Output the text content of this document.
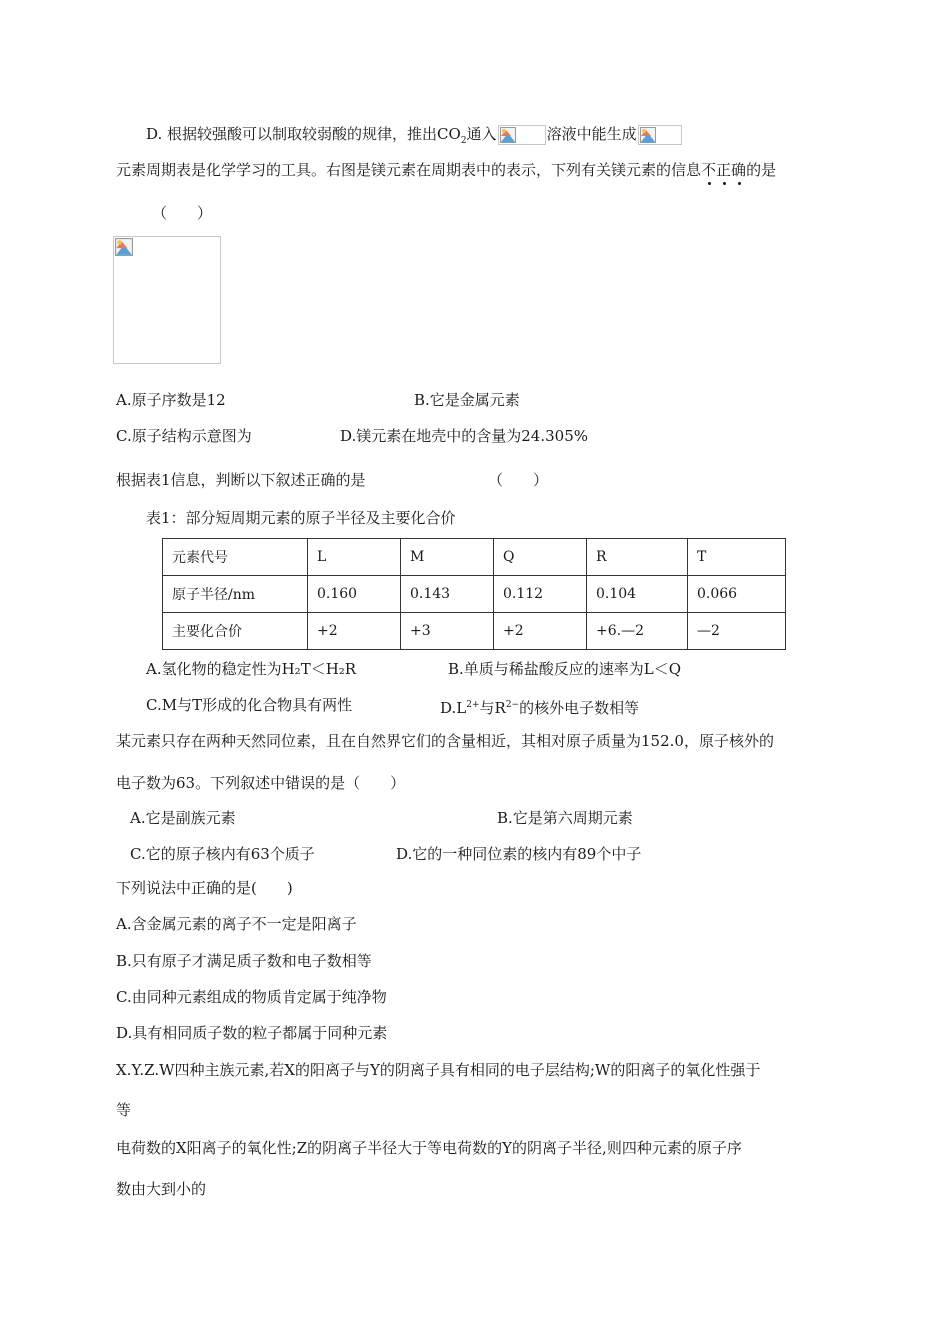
D. 根据较强酸可以制取较弱酸的规律，推出$CO_2$通入	溶液中能生成
元素周期表是化学学习的工具。右图是镁元素在周期表中的表示，下列有关镁元素的信息不正确的是
（　　）
A.原子序数是12	B.它是金属元素
C.原子结构示意图为	D.镁元素在地壳中的含量为24.305%
根据表1信息，判断以下叙述正确的是	（　　）
表1：部分短周期元素的原子半径及主要化合价
元素代号	L	M	Q	R	T
原子半径/nm	0.160	0.143	0.112	0.104	0.066
主要化合价	+2	+3	+2	+6.—2	—2
A.氢化物的稳定性为H₂T＜H₂R	B.单质与稀盐酸反应的速率为L＜Q
C.M与T形成的化合物具有两性	$D.L^{2+}$与$R^{2-}$的核外电子数相等
某元素只存在两种天然同位素，且在自然界它们的含量相近，其相对原子质量为152.0，原子核外的
电子数为63。下列叙述中错误的是（　　）
A.它是副族元素	B.它是第六周期元素
C.它的原子核内有63个质子	D.它的一种同位素的核内有89个中子
下列说法中正确的是(　　)
A.含金属元素的离子不一定是阳离子
B.只有原子才满足质子数和电子数相等
C.由同种元素组成的物质肯定属于纯净物
D.具有相同质子数的粒子都属于同种元素
X.Y.Z.W四种主族元素,若X的阳离子与Y的阴离子具有相同的电子层结构;W的阳离子的氧化性强于
等
电荷数的X阳离子的氧化性;Z的阴离子半径大于等电荷数的Y的阴离子半径,则四种元素的原子序
数由大到小的
